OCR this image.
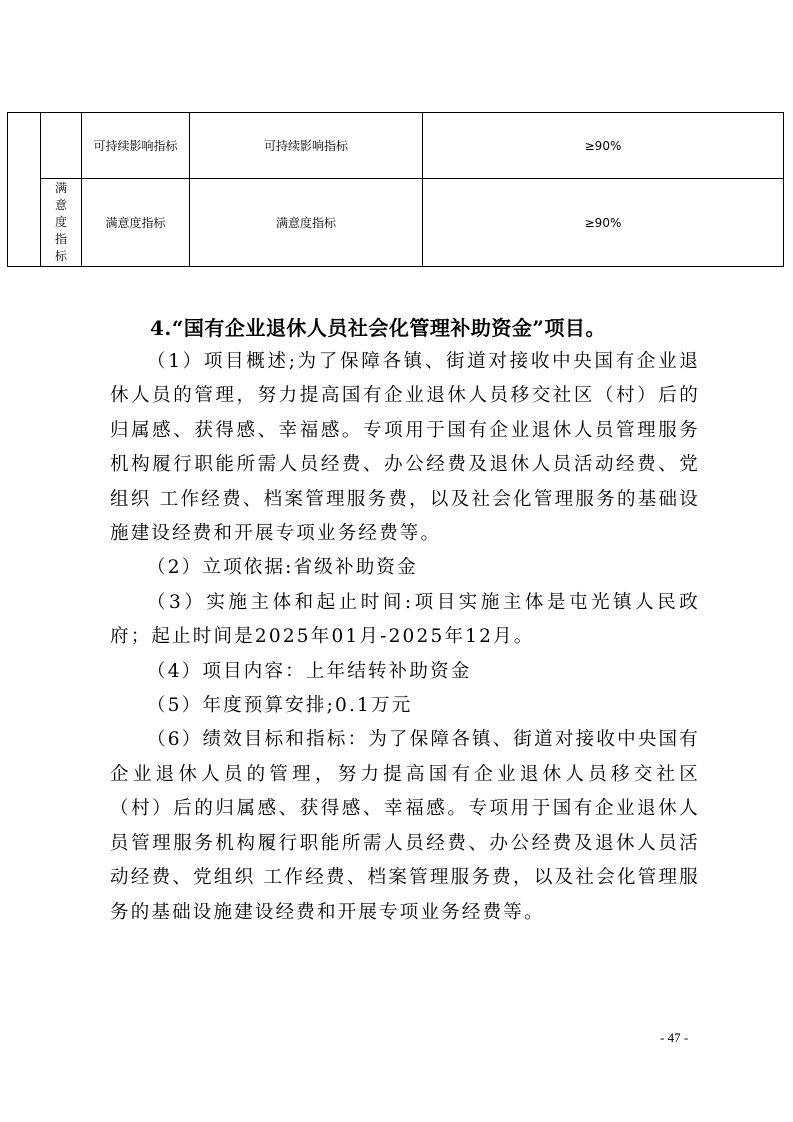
		可持续影响指标	可持续影响指标	≥90%

	满意度指标	满意度指标	满意度指标	≥90%
4.“国有企业退休人员社会化管理补助资金”项目。

（1）项目概述;为了保障各镇、街道对接收中央国有企业退休人员的管理，努力提高国有企业退休人员移交社区（村）后的归属感、获得感、幸福感。专项用于国有企业退休人员管理服务机构履行职能所需人员经费、办公经费及退休人员活动经费、党组织 工作经费、档案管理服务费，以及社会化管理服务的基础设施建设经费和开展专项业务经费等。

（2）立项依据:省级补助资金

（3）实施主体和起止时间:项目实施主体是屯光镇人民政府；起止时间是2025年01月-2025年12月。

（4）项目内容：上年结转补助资金

（5）年度预算安排;0.1万元

（6）绩效目标和指标：为了保障各镇、街道对接收中央国有企业退休人员的管理，努力提高国有企业退休人员移交社区（村）后的归属感、获得感、幸福感。专项用于国有企业退休人员管理服务机构履行职能所需人员经费、办公经费及退休人员活动经费、党组织 工作经费、档案管理服务费，以及社会化管理服务的基础设施建设经费和开展专项业务经费等。

- 47 -
